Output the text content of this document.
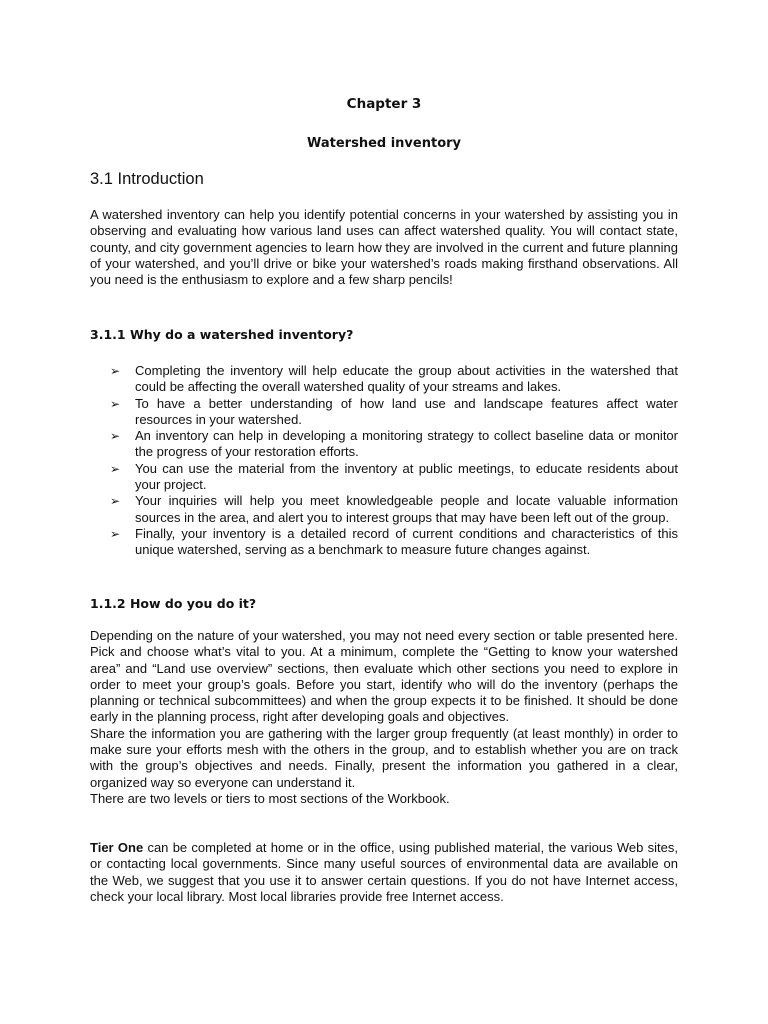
Chapter 3
Watershed inventory
3.1 Introduction

A watershed inventory can help you identify potential concerns in your watershed by assisting you in observing and evaluating how various land uses can affect watershed quality. You will contact state, county, and city government agencies to learn how they are involved in the current and future planning of your watershed, and you’ll drive or bike your watershed’s roads making firsthand observations. All you need is the enthusiasm to explore and a few sharp pencils!

3.1.1 Why do a watershed inventory?
➢ Completing the inventory will help educate the group about activities in the watershed that could be affecting the overall watershed quality of your streams and lakes.
➢ To have a better understanding of how land use and landscape features affect water resources in your watershed.
➢ An inventory can help in developing a monitoring strategy to collect baseline data or monitor the progress of your restoration efforts.
➢ You can use the material from the inventory at public meetings, to educate residents about your project.
➢ Your inquiries will help you meet knowledgeable people and locate valuable information sources in the area, and alert you to interest groups that may have been left out of the group.
➢ Finally, your inventory is a detailed record of current conditions and characteristics of this unique watershed, serving as a benchmark to measure future changes against.
1.1.2 How do you do it?

Depending on the nature of your watershed, you may not need every section or table presented here. Pick and choose what’s vital to you. At a minimum, complete the “Getting to know your watershed area” and “Land use overview” sections, then evaluate which other sections you need to explore in order to meet your group’s goals. Before you start, identify who will do the inventory (perhaps the planning or technical subcommittees) and when the group expects it to be finished. It should be done early in the planning process, right after developing goals and objectives.

Share the information you are gathering with the larger group frequently (at least monthly) in order to make sure your efforts mesh with the others in the group, and to establish whether you are on track with the group’s objectives and needs. Finally, present the information you gathered in a clear, organized way so everyone can understand it.

There are two levels or tiers to most sections of the Workbook.

Tier One can be completed at home or in the office, using published material, the various Web sites, or contacting local governments. Since many useful sources of environmental data are available on the Web, we suggest that you use it to answer certain questions. If you do not have Internet access, check your local library. Most local libraries provide free Internet access.
